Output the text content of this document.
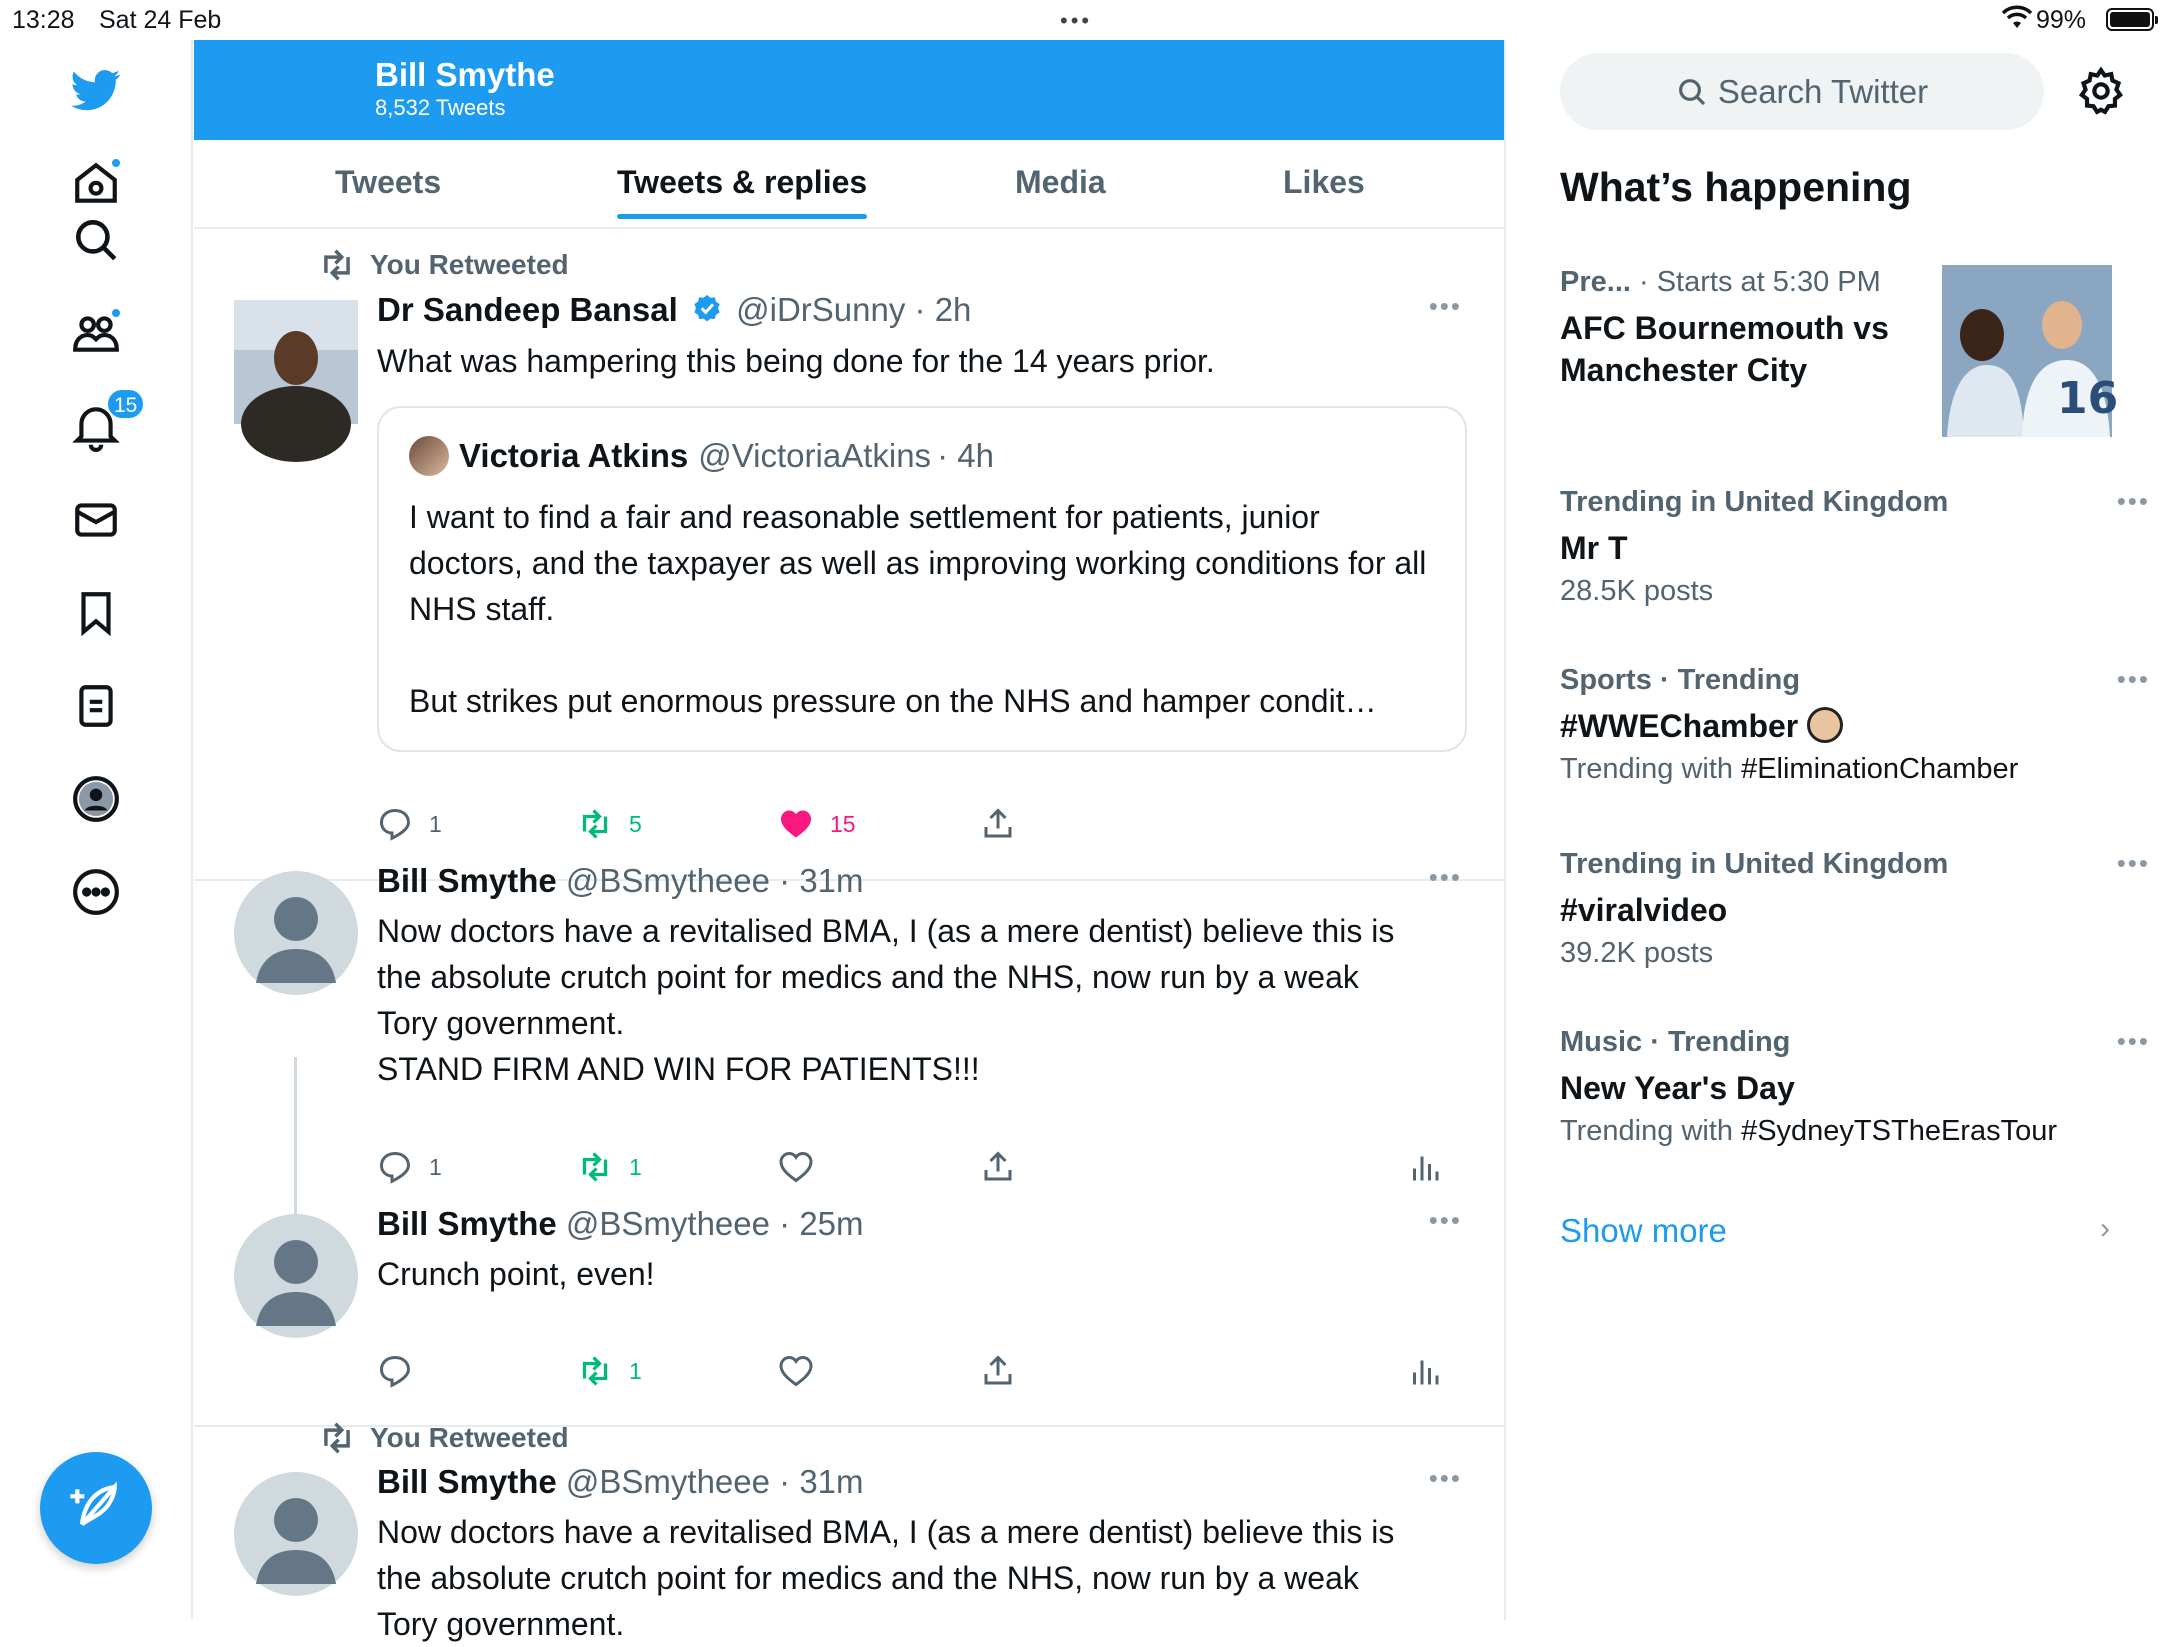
13:28 Sat 24 Feb	•••	99%
15
Bill Smythe
8,532 Tweets
Tweets	Tweets & replies	Media	Likes
You Retweeted
Dr Sandeep Bansal @iDrSunny · 2h	•••
What was hampering this being done for the 14 years prior.
Victoria Atkins @VictoriaAtkins · 4h
I want to find a fair and reasonable settlement for patients, junior doctors, and the taxpayer as well as improving working conditions for all NHS staff.
But strikes put enormous pressure on the NHS and hamper condit…
1	5	15
Bill Smythe @BSmytheee · 31m	•••
Now doctors have a revitalised BMA, I (as a mere dentist) believe this is
the absolute crutch point for medics and the NHS, now run by a weak
Tory government.
STAND FIRM AND WIN FOR PATIENTS!!!
1	1
Bill Smythe @BSmytheee · 25m	•••
Crunch point, even!
1
You Retweeted
Bill Smythe @BSmytheee · 31m	•••
Now doctors have a revitalised BMA, I (as a mere dentist) believe this is
the absolute crutch point for medics and the NHS, now run by a weak
Tory government.
Search Twitter
What’s happening
Pre... · Starts at 5:30 PM
AFC Bournemouth vs Manchester City
16
Trending in United Kingdom
Mr T
28.5K posts
•••
Sports · Trending
#WWEChamber
Trending with #EliminationChamber
•••
Trending in United Kingdom
#viralvideo
39.2K posts
•••
Music · Trending
New Year's Day
Trending with #SydneyTSTheErasTour
•••
Show more	›
